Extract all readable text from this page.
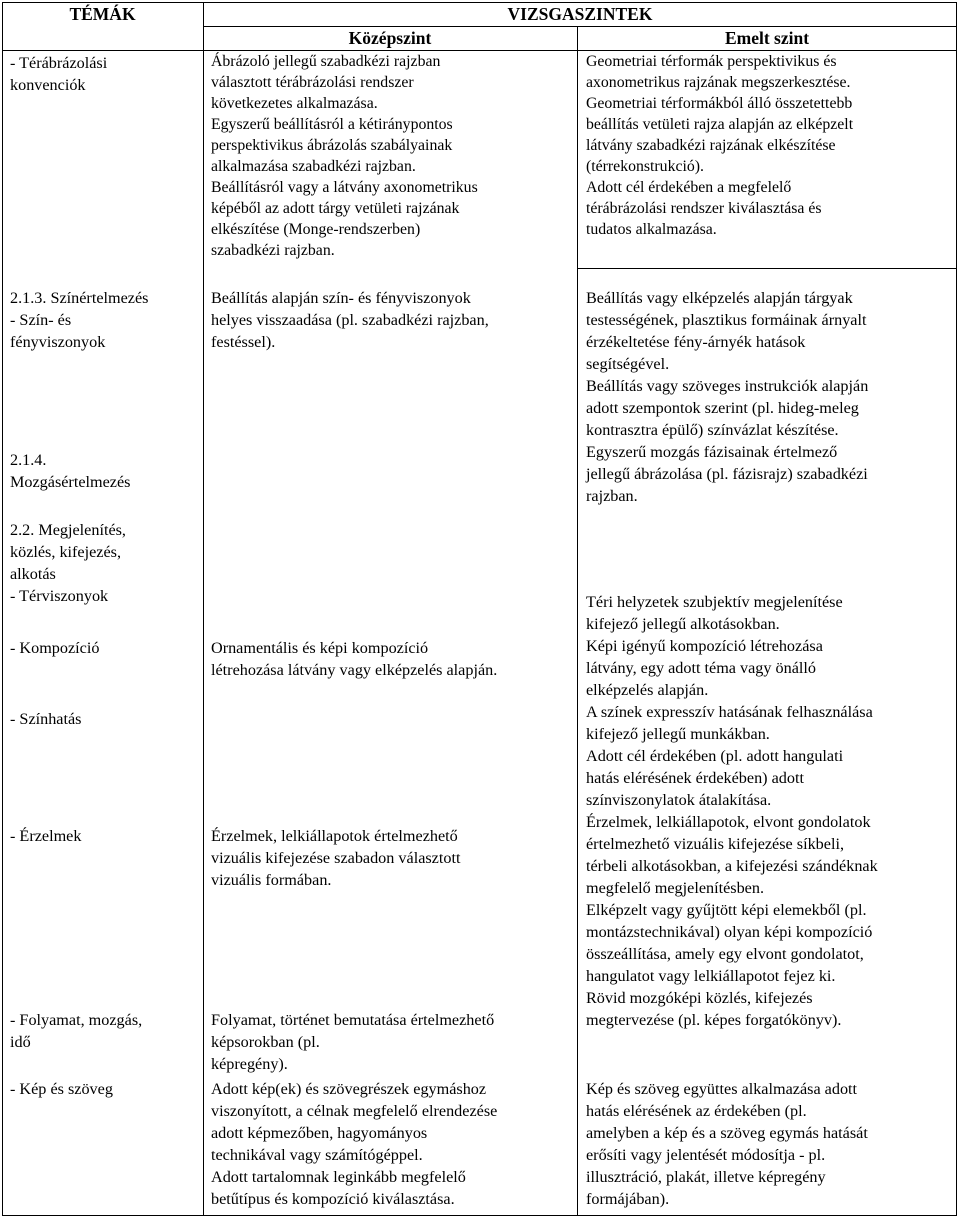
TÉMÁK	VIZSGASZINTEK
Középszint	Emelt szint
- Térábrázolási
konvenciók
2.1.3. Színértelmezés
- Szín- és
fényviszonyok
2.1.4.
Mozgásértelmezés
2.2. Megjelenítés,
közlés, kifejezés,
alkotás
- Térviszonyok
- Kompozíció
- Színhatás
- Érzelmek
- Folyamat, mozgás,
idő
- Kép és szöveg
Ábrázoló jellegű szabadkézi rajzban
választott térábrázolási rendszer
következetes alkalmazása.
Egyszerű beállításról a kétiránypontos
perspektivikus ábrázolás szabályainak
alkalmazása szabadkézi rajzban.
Beállításról vagy a látvány axonometrikus
képéből az adott tárgy vetületi rajzának
elkészítése (Monge-rendszerben)
szabadkézi rajzban.
Beállítás alapján szín- és fényviszonyok
helyes visszaadása (pl. szabadkézi rajzban,
festéssel).
Ornamentális és képi kompozíció
létrehozása látvány vagy elképzelés alapján.
Érzelmek, lelkiállapotok értelmezhető
vizuális kifejezése szabadon választott
vizuális formában.
Folyamat, történet bemutatása értelmezhető
képsorokban (pl.
képregény).
Adott kép(ek) és szövegrészek egymáshoz
viszonyított, a célnak megfelelő elrendezése
adott képmezőben, hagyományos
technikával vagy számítógéppel.
Adott tartalomnak leginkább megfelelő
betűtípus és kompozíció kiválasztása.
Geometriai térformák perspektivikus és
axonometrikus rajzának megszerkesztése.
Geometriai térformákból álló összetettebb
beállítás vetületi rajza alapján az elképzelt
látvány szabadkézi rajzának elkészítése
(térrekonstrukció).
Adott cél érdekében a megfelelő
térábrázolási rendszer kiválasztása és
tudatos alkalmazása.
Beállítás vagy elképzelés alapján tárgyak
testességének, plasztikus formáinak árnyalt
érzékeltetése fény-árnyék hatások
segítségével.
Beállítás vagy szöveges instrukciók alapján
adott szempontok szerint (pl. hideg-meleg
kontrasztra épülő) színvázlat készítése.
Egyszerű mozgás fázisainak értelmező
jellegű ábrázolása (pl. fázisrajz) szabadkézi
rajzban.
Téri helyzetek szubjektív megjelenítése
kifejező jellegű alkotásokban.
Képi igényű kompozíció létrehozása
látvány, egy adott téma vagy önálló
elképzelés alapján.
A színek expresszív hatásának felhasználása
kifejező jellegű munkákban.
Adott cél érdekében (pl. adott hangulati
hatás elérésének érdekében) adott
színviszonylatok átalakítása.
Érzelmek, lelkiállapotok, elvont gondolatok
értelmezhető vizuális kifejezése síkbeli,
térbeli alkotásokban, a kifejezési szándéknak
megfelelő megjelenítésben.
Elképzelt vagy gyűjtött képi elemekből (pl.
montázstechnikával) olyan képi kompozíció
összeállítása, amely egy elvont gondolatot,
hangulatot vagy lelkiállapotot fejez ki.
Rövid mozgóképi közlés, kifejezés
megtervezése (pl. képes forgatókönyv).
Kép és szöveg együttes alkalmazása adott
hatás elérésének az érdekében (pl.
amelyben a kép és a szöveg egymás hatását
erősíti vagy jelentését módosítja - pl.
illusztráció, plakát, illetve képregény
formájában).
